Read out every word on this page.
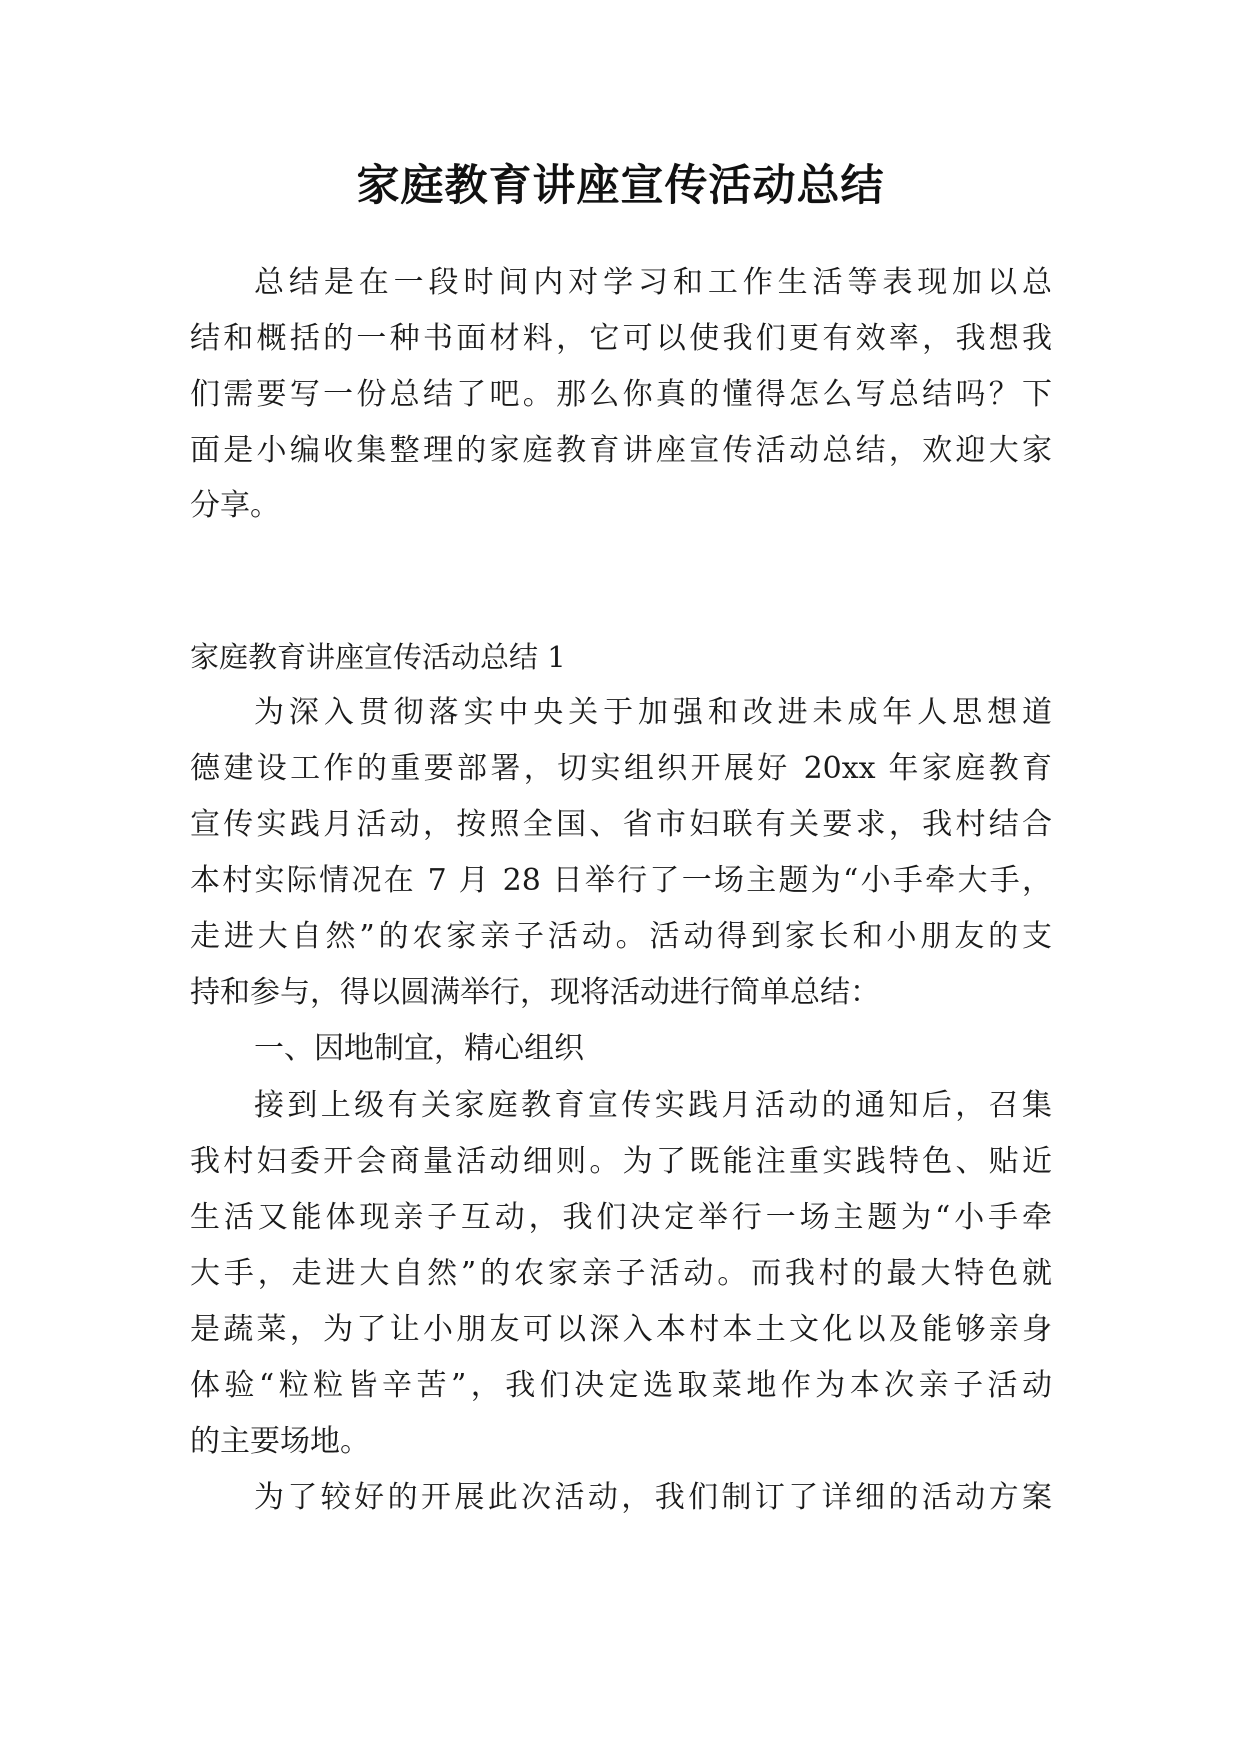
家庭教育讲座宣传活动总结

总结是在一段时间内对学习和工作生活等表现加以总

结和概括的一种书面材料，它可以使我们更有效率，我想我

们需要写一份总结了吧。那么你真的懂得怎么写总结吗？下

面是小编收集整理的家庭教育讲座宣传活动总结，欢迎大家

分享。

家庭教育讲座宣传活动总结 1

为深入贯彻落实中央关于加强和改进未成年人思想道

德建设工作的重要部署，切实组织开展好 20xx 年家庭教育

宣传实践月活动，按照全国、省市妇联有关要求，我村结合

本村实际情况在 7 月 28 日举行了一场主题为“小手牵大手，

走进大自然”的农家亲子活动。活动得到家长和小朋友的支

持和参与，得以圆满举行，现将活动进行简单总结：

一、因地制宜，精心组织

接到上级有关家庭教育宣传实践月活动的通知后，召集

我村妇委开会商量活动细则。为了既能注重实践特色、贴近

生活又能体现亲子互动，我们决定举行一场主题为“小手牵

大手，走进大自然”的农家亲子活动。而我村的最大特色就

是蔬菜，为了让小朋友可以深入本村本土文化以及能够亲身

体验“粒粒皆辛苦”，我们决定选取菜地作为本次亲子活动

的主要场地。

为了较好的开展此次活动，我们制订了详细的活动方案
